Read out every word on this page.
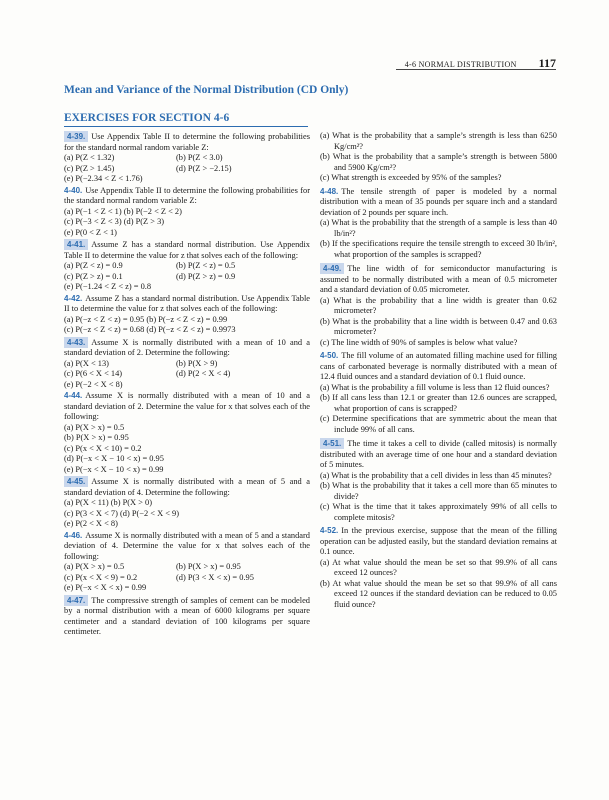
4-6 NORMAL DISTRIBUTION 117
Mean and Variance of the Normal Distribution (CD Only)
EXERCISES FOR SECTION 4-6

4-39. Use Appendix Table II to determine the following probabilities for the standard normal random variable Z:

(a) P(Z < 1.32)	(b) P(Z < 3.0)
(c) P(Z > 1.45)	(d) P(Z > −2.15)
(e) P(−2.34 < Z < 1.76)

4-40. Use Appendix Table II to determine the following probabilities for the standard normal random variable Z:

(a) P(−1 < Z < 1) (b) P(−2 < Z < 2)

(c) P(−3 < Z < 3) (d) P(Z > 3)

(e) P(0 < Z < 1)

4-41. Assume Z has a standard normal distribution. Use Appendix Table II to determine the value for z that solves each of the following:

(a) P(Z < z) = 0.9	(b) P(Z < z) = 0.5
(c) P(Z > z) = 0.1	(d) P(Z > z) = 0.9
(e) P(−1.24 < Z < z) = 0.8

4-42. Assume Z has a standard normal distribution. Use Appendix Table II to determine the value for z that solves each of the following:

(a) P(−z < Z < z) = 0.95 (b) P(−z < Z < z) = 0.99
(c) P(−z < Z < z) = 0.68 (d) P(−z < Z < z) = 0.9973

4-43. Assume X is normally distributed with a mean of 10 and a standard deviation of 2. Determine the following:

(a) P(X < 13)	(b) P(X > 9)
(c) P(6 < X < 14)	(d) P(2 < X < 4)
(e) P(−2 < X < 8)

4-44. Assume X is normally distributed with a mean of 10 and a standard deviation of 2. Determine the value for x that solves each of the following:

(a) P(X > x) = 0.5
(b) P(X > x) = 0.95
(c) P(x < X < 10) = 0.2
(d) P(−x < X − 10 < x) = 0.95
(e) P(−x < X − 10 < x) = 0.99

4-45. Assume X is normally distributed with a mean of 5 and a standard deviation of 4. Determine the following:

(a) P(X < 11) (b) P(X > 0)
(c) P(3 < X < 7) (d) P(−2 < X < 9)
(e) P(2 < X < 8)

4-46. Assume X is normally distributed with a mean of 5 and a standard deviation of 4. Determine the value for x that solves each of the following:

(a) P(X > x) = 0.5	(b) P(X > x) = 0.95
(c) P(x < X < 9) = 0.2	(d) P(3 < X < x) = 0.95
(e) P(−x < X < x) = 0.99

4-47. The compressive strength of samples of cement can be modeled by a normal distribution with a mean of 6000 kilograms per square centimeter and a standard deviation of 100 kilograms per square centimeter.

(a) What is the probability that a sample’s strength is less than 6250 Kg/cm²?
(b) What is the probability that a sample’s strength is between 5800 and 5900 Kg/cm²?
(c) What strength is exceeded by 95% of the samples?

4-48. The tensile strength of paper is modeled by a normal distribution with a mean of 35 pounds per square inch and a standard deviation of 2 pounds per square inch.

(a) What is the probability that the strength of a sample is less than 40 lb/in²?
(b) If the specifications require the tensile strength to exceed 30 lb/in², what proportion of the samples is scrapped?

4-49. The line width of for semiconductor manufacturing is assumed to be normally distributed with a mean of 0.5 micrometer and a standard deviation of 0.05 micrometer.

(a) What is the probability that a line width is greater than 0.62 micrometer?
(b) What is the probability that a line width is between 0.47 and 0.63 micrometer?
(c) The line width of 90% of samples is below what value?

4-50. The fill volume of an automated filling machine used for filling cans of carbonated beverage is normally distributed with a mean of 12.4 fluid ounces and a standard deviation of 0.1 fluid ounce.

(a) What is the probability a fill volume is less than 12 fluid ounces?
(b) If all cans less than 12.1 or greater than 12.6 ounces are scrapped, what proportion of cans is scrapped?
(c) Determine specifications that are symmetric about the mean that include 99% of all cans.

4-51. The time it takes a cell to divide (called mitosis) is normally distributed with an average time of one hour and a standard deviation of 5 minutes.

(a) What is the probability that a cell divides in less than 45 minutes?
(b) What is the probability that it takes a cell more than 65 minutes to divide?
(c) What is the time that it takes approximately 99% of all cells to complete mitosis?

4-52. In the previous exercise, suppose that the mean of the filling operation can be adjusted easily, but the standard deviation remains at 0.1 ounce.

(a) At what value should the mean be set so that 99.9% of all cans exceed 12 ounces?
(b) At what value should the mean be set so that 99.9% of all cans exceed 12 ounces if the standard deviation can be reduced to 0.05 fluid ounce?
